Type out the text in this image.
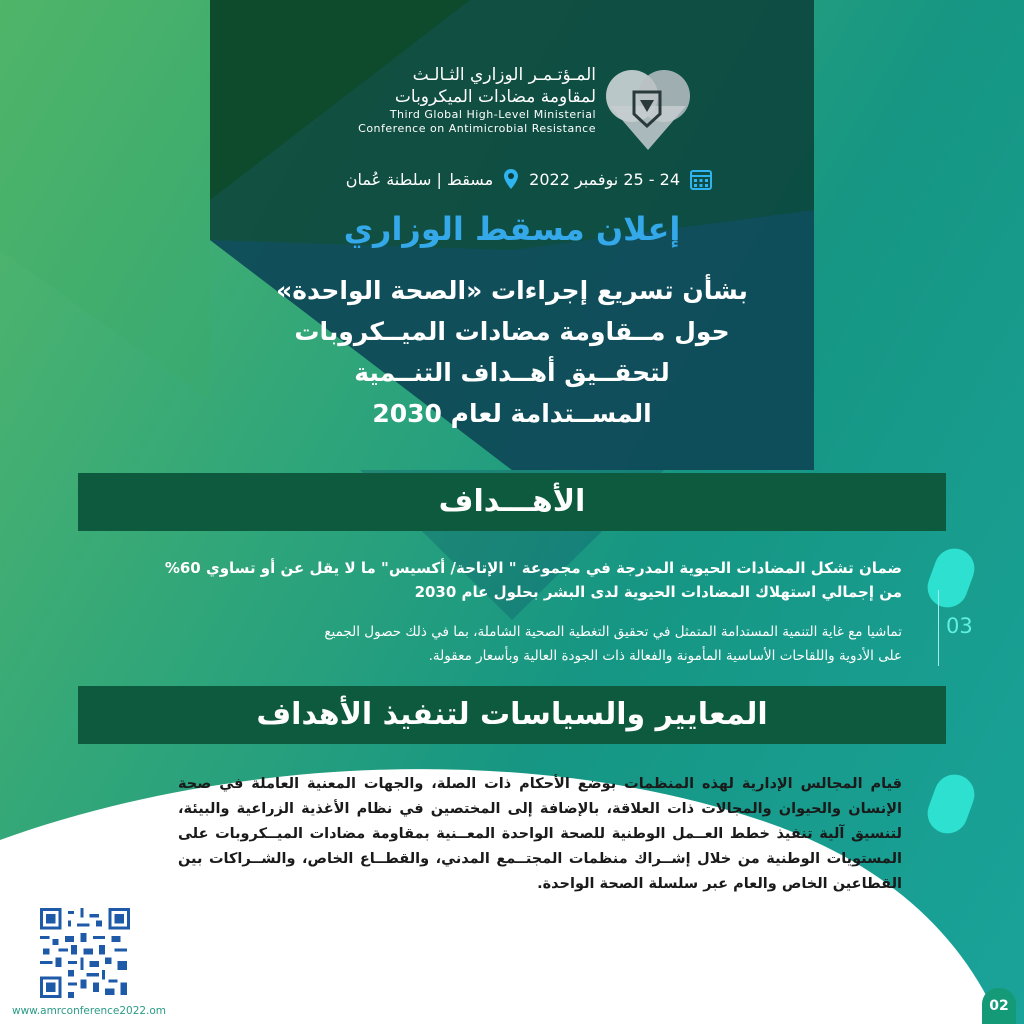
المـؤتـمـر الوزاري الثـالـث
لمقاومة مضادات الميكروبات
Third Global High-Level Ministerial
Conference on Antimicrobial Resistance
مسقط | سلطنة عُمان 24 - 25 نوفمبر 2022
إعلان مسقط الوزاري
بشأن تسريع إجراءات «الصحة الواحدة»
حول مــقاومة مضادات الميــكروبات
لتحقــيق أهــداف التنــمية
المســتدامة لعام 2030
الأهـــداف
03
ضمان تشكل المضادات الحيوية المدرجة في مجموعة " الإتاحة/ أكسيس" ما لا يقل عن أو تساوي 60%
من إجمالي استهلاك المضادات الحيوية لدى البشر بحلول عام 2030
تماشيا مع غاية التنمية المستدامة المتمثل في تحقيق التغطية الصحية الشاملة، بما في ذلك حصول الجميع
على الأدوية واللقاحات الأساسية المأمونة والفعالة ذات الجودة العالية وبأسعار معقولة.
المعايير والسياسات لتنفيذ الأهداف
قيام المجالس الإدارية لهذه المنظمات بوضع الأحكام ذات الصلة، والجهات المعنية العاملة في صحة الإنسان والحيوان والمجالات ذات العلاقة، بالإضافة إلى المختصين في نظام الأغذية الزراعية والبيئة، لتنسيق آلية تنفيذ خطط العــمل الوطنية للصحة الواحدة المعــنية بمقاومة مضادات الميــكروبات على المستويات الوطنية من خلال إشــراك منظمات المجتــمع المدني، والقطــاع الخاص، والشــراكات بين القطاعين الخاص والعام عبر سلسلة الصحة الواحدة.
www.amrconference2022.om	02
